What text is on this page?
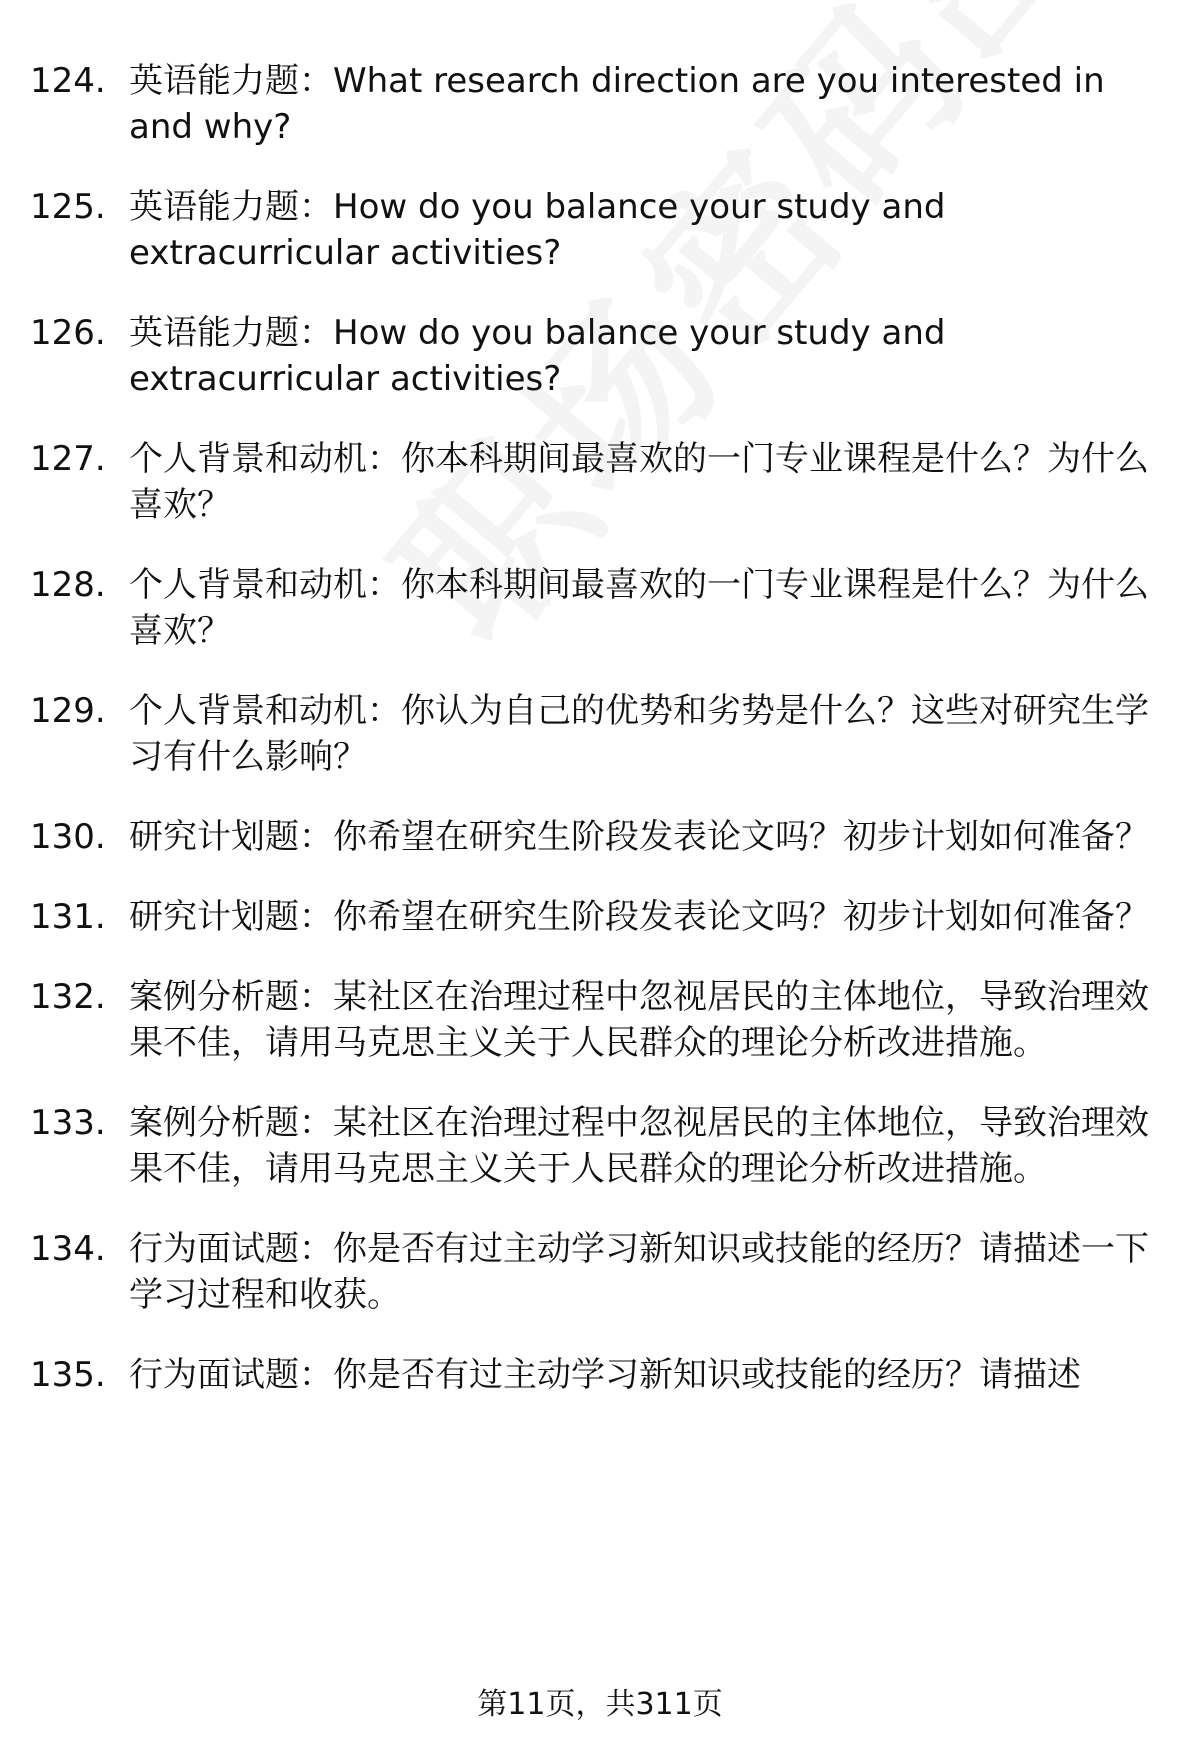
124. 英语能力题：What research direction are you interested in and why?
125. 英语能力题：How do you balance your study and extracurricular activities?
126. 英语能力题：How do you balance your study and extracurricular activities?
127. 个人背景和动机：你本科期间最喜欢的一门专业课程是什么？为什么喜欢？
128. 个人背景和动机：你本科期间最喜欢的一门专业课程是什么？为什么喜欢？
129. 个人背景和动机：你认为自己的优势和劣势是什么？这些对研究生学习有什么影响？
130. 研究计划题：你希望在研究生阶段发表论文吗？初步计划如何准备？
131. 研究计划题：你希望在研究生阶段发表论文吗？初步计划如何准备？
132. 案例分析题：某社区在治理过程中忽视居民的主体地位，导致治理效果不佳，请用马克思主义关于人民群众的理论分析改进措施。
133. 案例分析题：某社区在治理过程中忽视居民的主体地位，导致治理效果不佳，请用马克思主义关于人民群众的理论分析改进措施。
134. 行为面试题：你是否有过主动学习新知识或技能的经历？请描述一下学习过程和收获。
135. 行为面试题：你是否有过主动学习新知识或技能的经历？请描述
第11页，共311页
